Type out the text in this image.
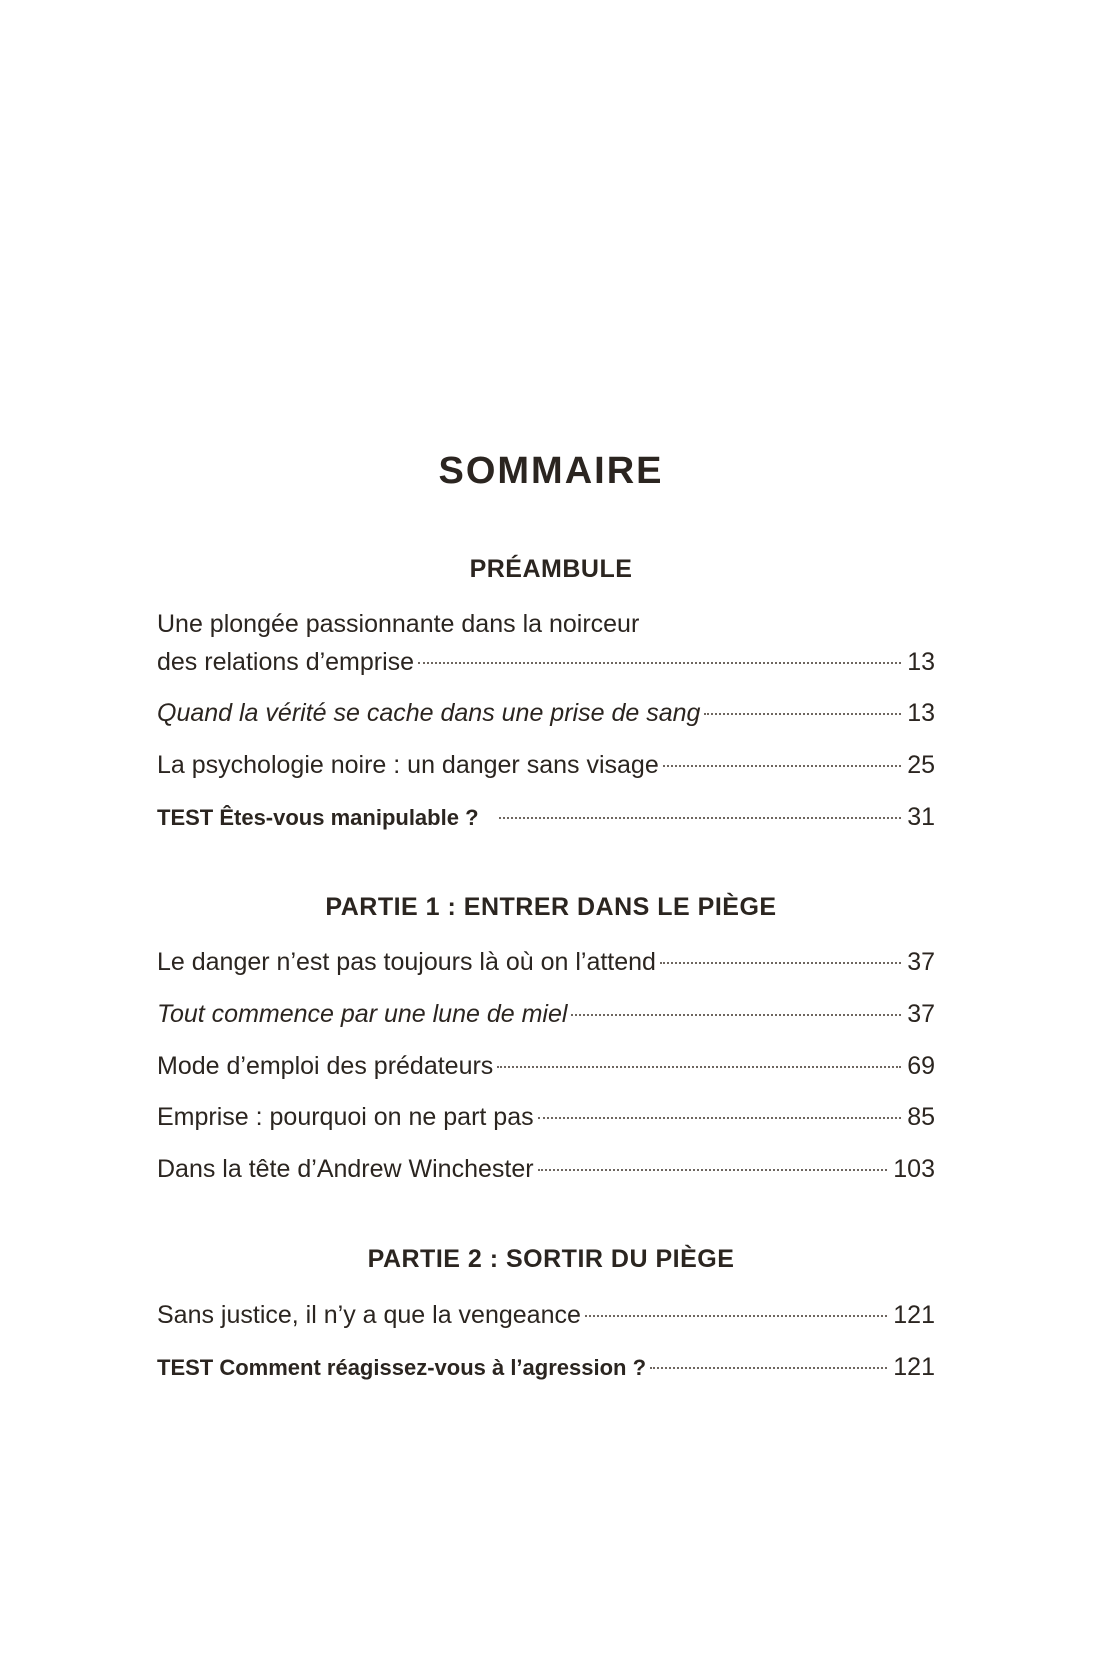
SOMMAIRE
PRÉAMBULE
Une plongée passionnante dans la noirceur
des relations d’emprise	13
Quand la vérité se cache dans une prise de sang	13
La psychologie noire : un danger sans visage	25
TEST Êtes-vous manipulable ?	31
PARTIE 1 : ENTRER DANS LE PIÈGE
Le danger n’est pas toujours là où on l’attend	37
Tout commence par une lune de miel	37
Mode d’emploi des prédateurs	69
Emprise : pourquoi on ne part pas	85
Dans la tête d’Andrew Winchester	103
PARTIE 2 : SORTIR DU PIÈGE
Sans justice, il n’y a que la vengeance	121
TEST Comment réagissez-vous à l’agression ?	121
